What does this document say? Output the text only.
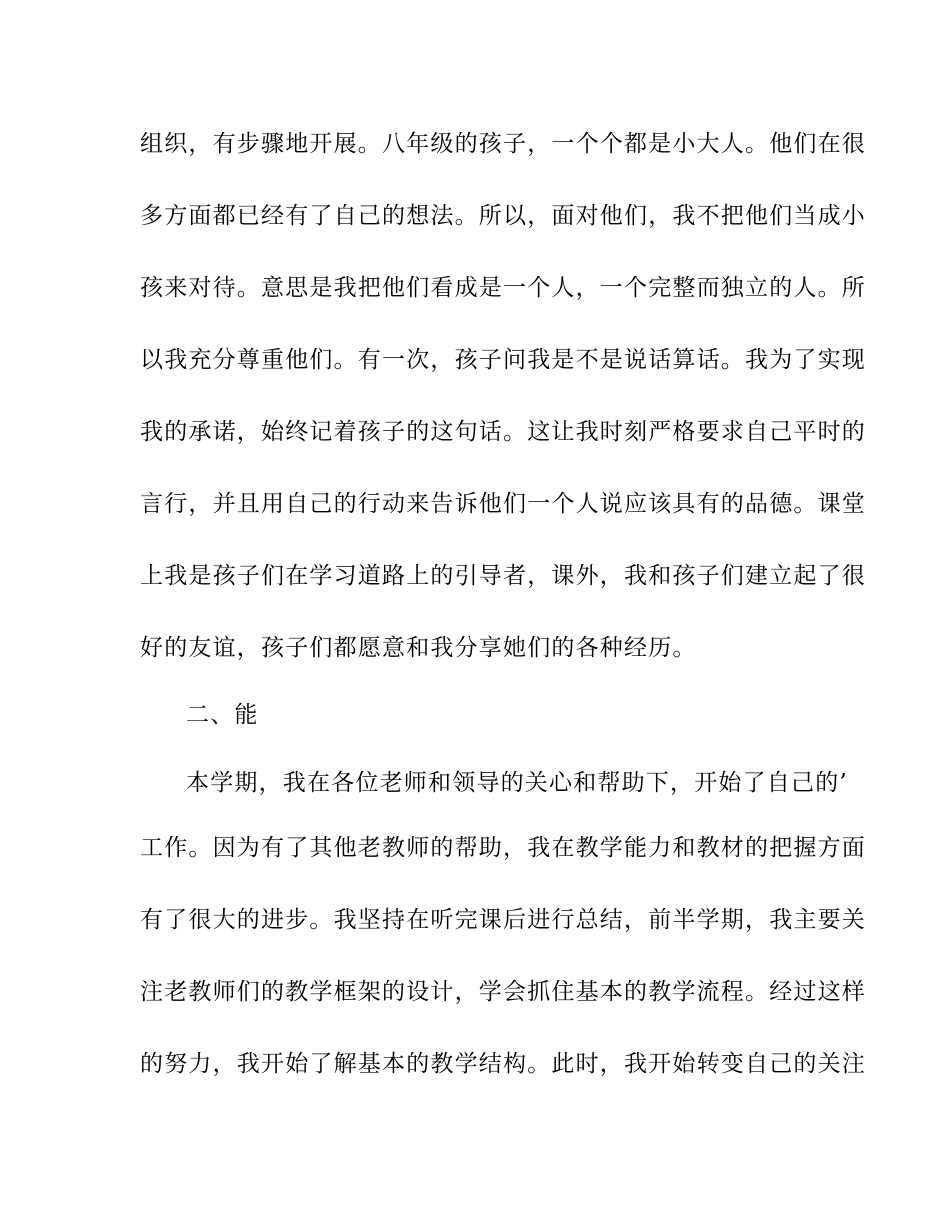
组织，有步骤地开展。八年级的孩子，一个个都是小大人。他们在很
多方面都已经有了自己的想法。所以，面对他们，我不把他们当成小
孩来对待。意思是我把他们看成是一个人，一个完整而独立的人。所
以我充分尊重他们。有一次，孩子问我是不是说话算话。我为了实现
我的承诺，始终记着孩子的这句话。这让我时刻严格要求自己平时的
言行，并且用自己的行动来告诉他们一个人说应该具有的品德。课堂
上我是孩子们在学习道路上的引导者，课外，我和孩子们建立起了很
好的友谊，孩子们都愿意和我分享她们的各种经历。
二、能
本学期，我在各位老师和领导的关心和帮助下，开始了自己的’
工作。因为有了其他老教师的帮助，我在教学能力和教材的把握方面
有了很大的进步。我坚持在听完课后进行总结，前半学期，我主要关
注老教师们的教学框架的设计，学会抓住基本的教学流程。经过这样
的努力，我开始了解基本的教学结构。此时，我开始转变自己的关注
